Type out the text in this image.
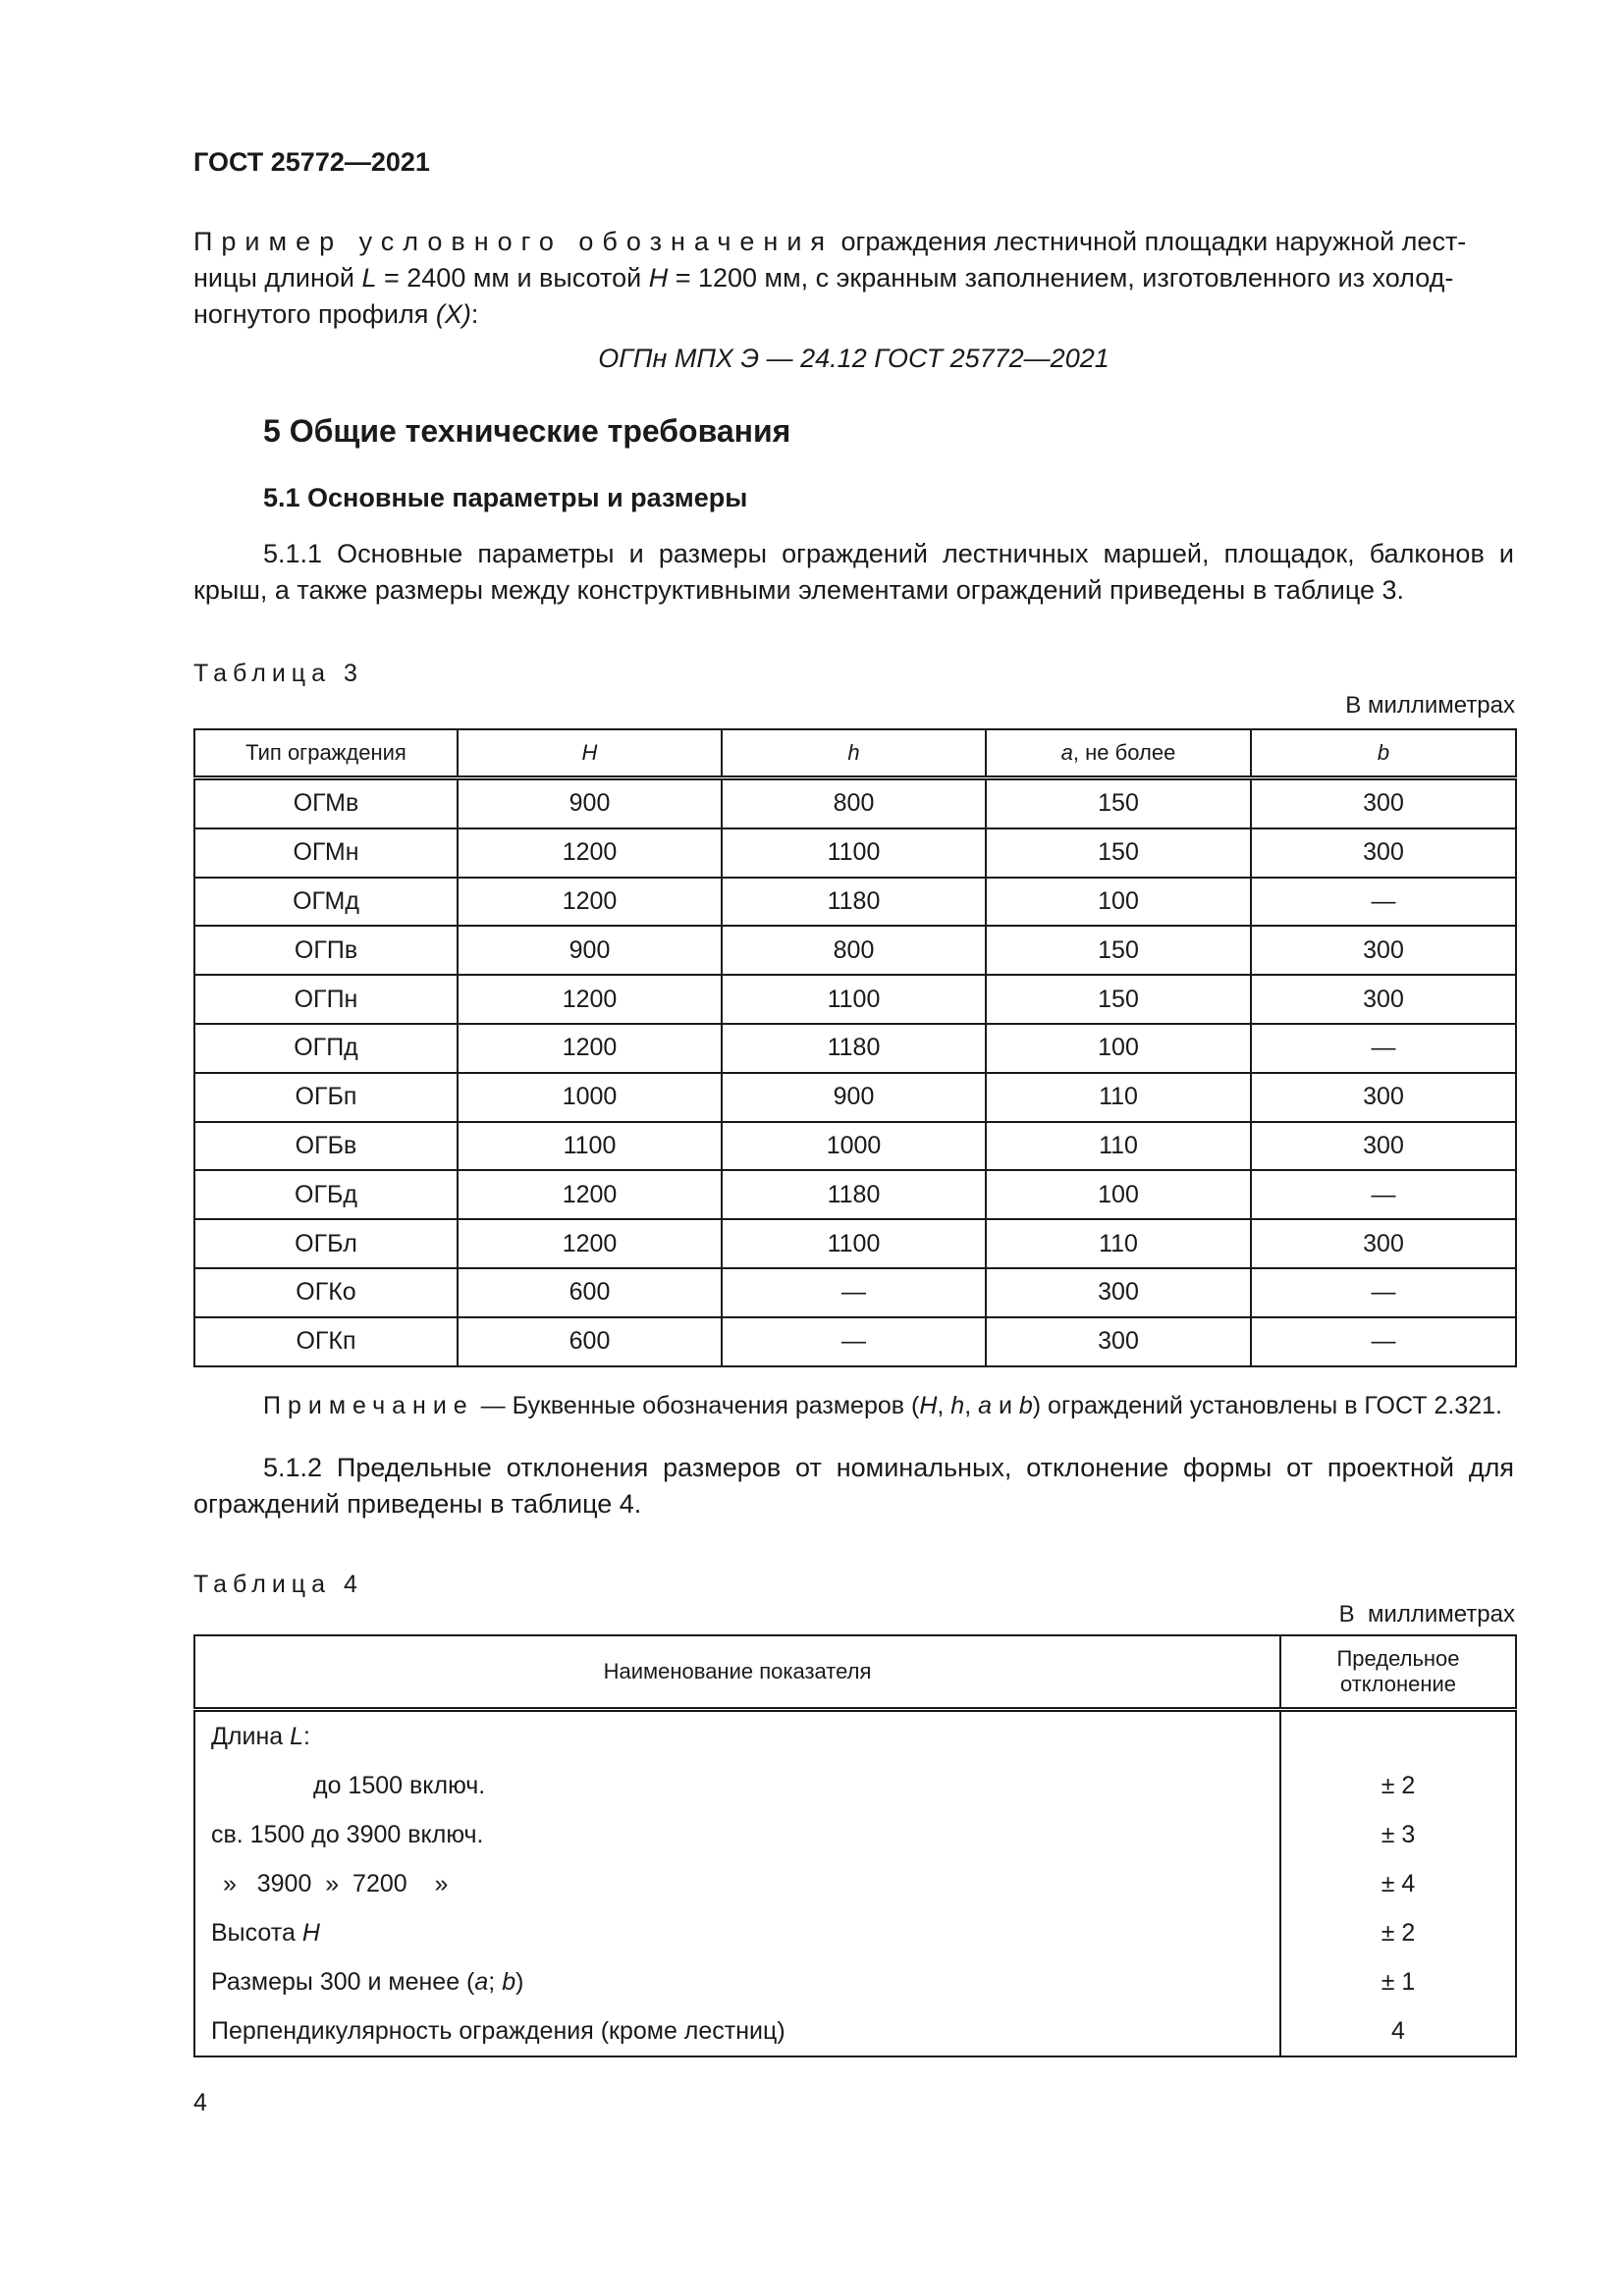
ГОСТ 25772—2021
Пример условного обозначения ограждения лестничной площадки наружной лест-
ницы длиной L = 2400 мм и высотой H = 1200 мм, с экранным заполнением, изготовленного из холод-
ногнутого профиля (X):
ОГПн МПХ Э — 24.12 ГОСТ 25772—2021
5 Общие технические требования
5.1 Основные параметры и размеры
5.1.1 Основные параметры и размеры ограждений лестничных маршей, площадок, балконов и крыш, а также размеры между конструктивными элементами ограждений приведены в таблице 3.
Таблица 3
В миллиметрах
Тип ограждения	H	h	a, не более	b
ОГМв	900	800	150	300
ОГМн	1200	1100	150	300
ОГМд	1200	1180	100	—
ОГПв	900	800	150	300
ОГПн	1200	1100	150	300
ОГПд	1200	1180	100	—
ОГБп	1000	900	110	300
ОГБв	1100	1000	110	300
ОГБд	1200	1180	100	—
ОГБл	1200	1100	110	300
ОГКо	600	—	300	—
ОГКп	600	—	300	—
Примечание — Буквенные обозначения размеров (H, h, a и b) ограждений установлены в ГОСТ 2.321.
5.1.2 Предельные отклонения размеров от номинальных, отклонение формы от проектной для ограждений приведены в таблице 4.
Таблица 4
В  миллиметрах
Наименование показателя	Предельное
отклонение
Длина L:	
до 1500 включ.	± 2
св. 1500 до 3900 включ.	± 3
»   3900  »  7200    »	± 4
Высота H	± 2
Размеры 300 и менее (a; b)	± 1
Перпендикулярность ограждения (кроме лестниц)	4
4
